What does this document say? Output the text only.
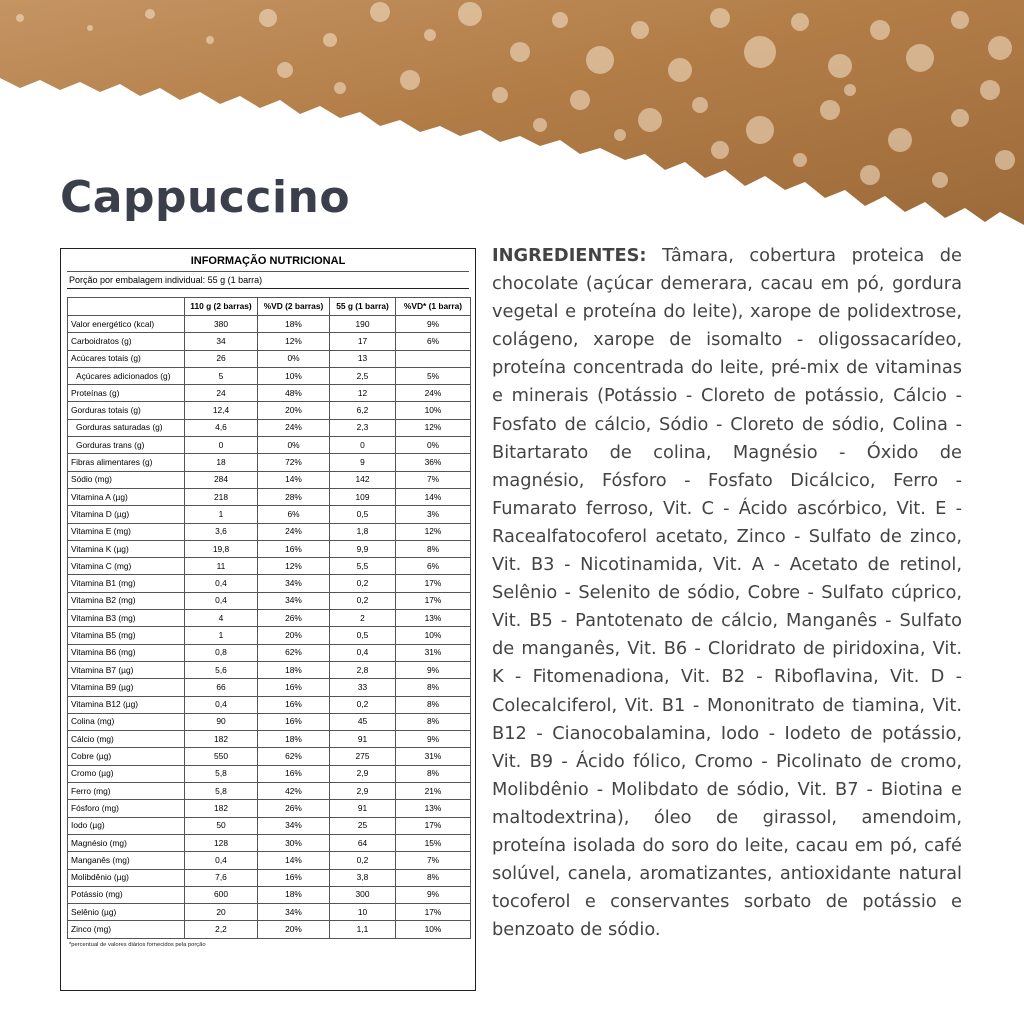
Cappuccino
INFORMAÇÃO NUTRICIONAL
Porção por embalagem individual: 55 g (1 barra)
	110 g (2 barras)	%VD (2 barras)	55 g (1 barra)	%VD* (1 barra)
Valor energético (kcal)	380	18%	190	9%
Carboidratos (g)	34	12%	17	6%
Acúcares totais (g)	26	0%	13	
Açúcares adicionados (g)	5	10%	2,5	5%
Proteínas (g)	24	48%	12	24%
Gorduras totais (g)	12,4	20%	6,2	10%
Gorduras saturadas (g)	4,6	24%	2,3	12%
Gorduras trans (g)	0	0%	0	0%
Fibras alimentares (g)	18	72%	9	36%
Sódio (mg)	284	14%	142	7%
Vitamina A (µg)	218	28%	109	14%
Vitamina D (µg)	1	6%	0,5	3%
Vitamina E (mg)	3,6	24%	1,8	12%
Vitamina K (µg)	19,8	16%	9,9	8%
Vitamina C (mg)	11	12%	5,5	6%
Vitamina B1 (mg)	0,4	34%	0,2	17%
Vitamina B2 (mg)	0,4	34%	0,2	17%
Vitamina B3 (mg)	4	26%	2	13%
Vitamina B5 (mg)	1	20%	0,5	10%
Vitamina B6 (mg)	0,8	62%	0,4	31%
Vitamina B7 (µg)	5,6	18%	2,8	9%
Vitamina B9 (µg)	66	16%	33	8%
Vitamina B12 (µg)	0,4	16%	0,2	8%
Colina (mg)	90	16%	45	8%
Cálcio (mg)	182	18%	91	9%
Cobre (µg)	550	62%	275	31%
Cromo (µg)	5,8	16%	2,9	8%
Ferro (mg)	5,8	42%	2,9	21%
Fósforo (mg)	182	26%	91	13%
Iodo (µg)	50	34%	25	17%
Magnésio (mg)	128	30%	64	15%
Manganês (mg)	0,4	14%	0,2	7%
Molibdênio (µg)	7,6	16%	3,8	8%
Potássio (mg)	600	18%	300	9%
Selênio (µg)	20	34%	10	17%
Zinco (mg)	2,2	20%	1,1	10%
*percentual de valores diários fornecidos pela porção

INGREDIENTES: Tâmara, cobertura proteica de chocolate (açúcar demerara, cacau em pó, gordura vegetal e proteína do leite), xarope de polidextrose, colágeno, xarope de isomalto - oligossacarídeo, proteína concentrada do leite, pré-mix de vitaminas e minerais (Potássio - Cloreto de potássio, Cálcio - Fosfato de cálcio, Sódio - Cloreto de sódio, Colina - Bitartarato de colina, Magnésio - Óxido de magnésio, Fósforo - Fosfato Dicálcico, Ferro - Fumarato ferroso, Vit. C - Ácido ascórbico, Vit. E - Racealfatocoferol acetato, Zinco - Sulfato de zinco, Vit. B3 - Nicotinamida, Vit. A - Acetato de retinol, Selênio - Selenito de sódio, Cobre - Sulfato cúprico, Vit. B5 - Pantotenato de cálcio, Manganês - Sulfato de manganês, Vit. B6 - Cloridrato de piridoxina, Vit. K - Fitomenadiona, Vit. B2 - Riboflavina, Vit. D - Colecalciferol, Vit. B1 - Mononitrato de tiamina, Vit. B12 - Cianocobalamina, Iodo - Iodeto de potássio, Vit. B9 - Ácido fólico, Cromo - Picolinato de cromo, Molibdênio - Molibdato de sódio, Vit. B7 - Biotina e maltodextrina), óleo de girassol, amendoim, proteína isolada do soro do leite, cacau em pó, café solúvel, canela, aromatizantes, antioxidante natural tocoferol e conservantes sorbato de potássio e benzoato de sódio.
